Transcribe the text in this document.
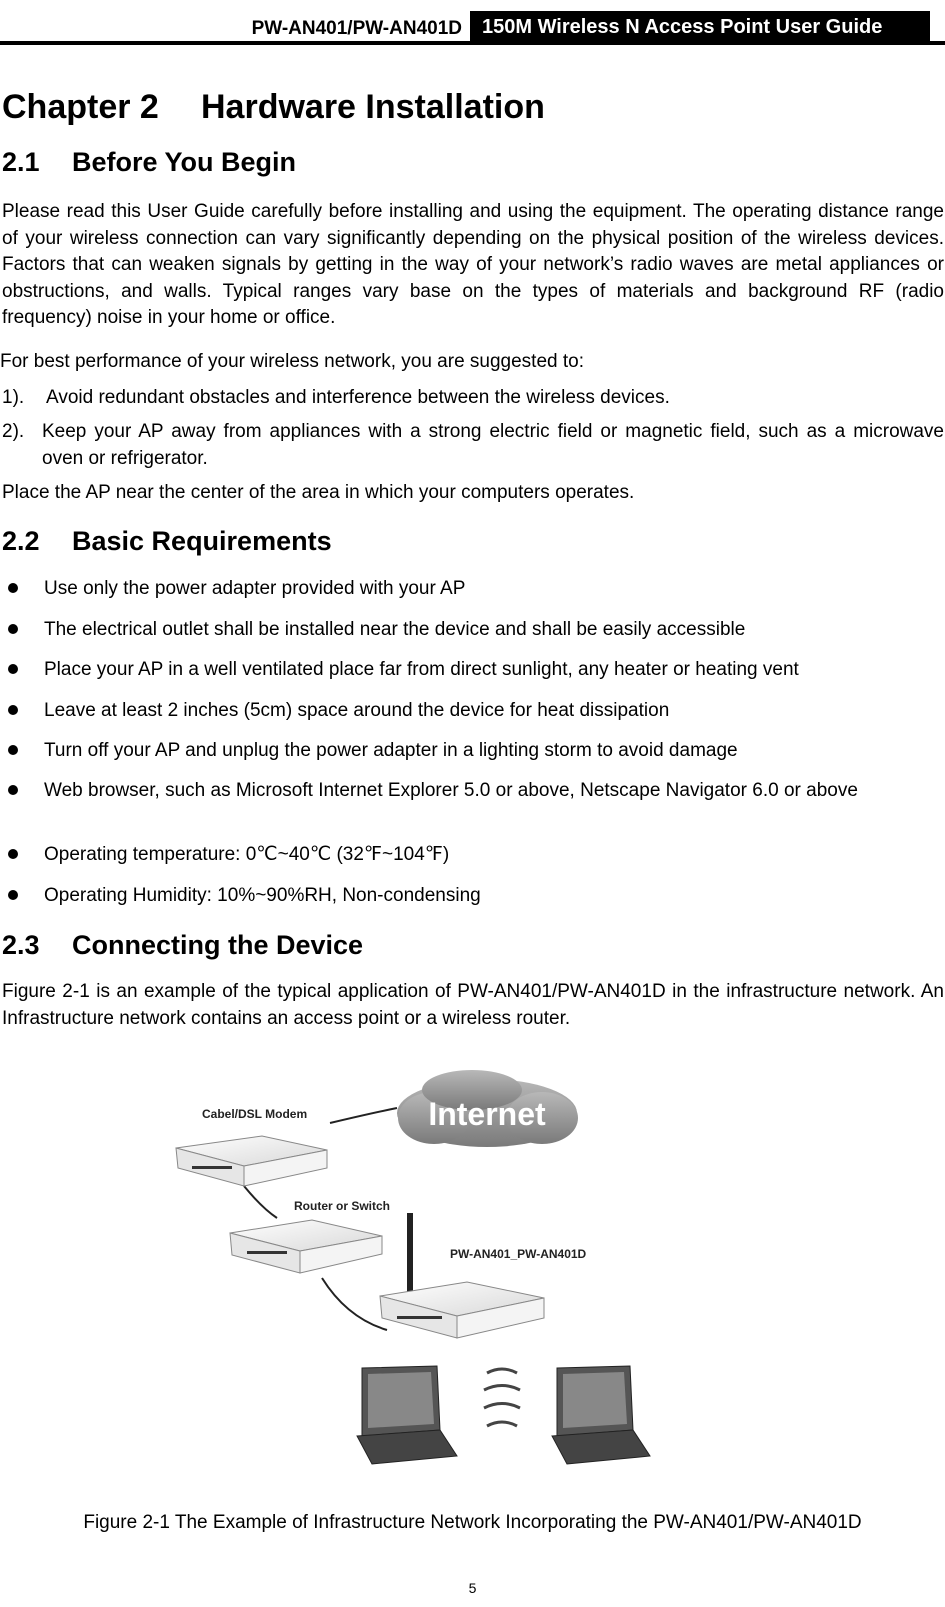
PW-AN401/PW-AN401D	150M Wireless N Access Point User Guide
Chapter 2 Hardware Installation
2.1 Before You Begin
Please read this User Guide carefully before installing and using the equipment. The operating distance range of your wireless connection can vary significantly depending on the physical position of the wireless devices. Factors that can weaken signals by getting in the way of your network’s radio waves are metal appliances or obstructions, and walls. Typical ranges vary base on the types of materials and background RF (radio frequency) noise in your home or office.
For best performance of your wireless network, you are suggested to:
1). Avoid redundant obstacles and interference between the wireless devices.
2). Keep your AP away from appliances with a strong electric field or magnetic field, such as a microwave oven or refrigerator.
Place the AP near the center of the area in which your computers operates.
2.2 Basic Requirements
Use only the power adapter provided with your AP
The electrical outlet shall be installed near the device and shall be easily accessible
Place your AP in a well ventilated place far from direct sunlight, any heater or heating vent
Leave at least 2 inches (5cm) space around the device for heat dissipation
Turn off your AP and unplug the power adapter in a lighting storm to avoid damage
Web browser, such as Microsoft Internet Explorer 5.0 or above, Netscape Navigator 6.0 or above
Operating temperature: 0℃~40℃ (32℉~104℉)
Operating Humidity: 10%~90%RH, Non-condensing
2.3 Connecting the Device
Figure 2-1 is an example of the typical application of PW-AN401/PW-AN401D in the infrastructure network. An Infrastructure network contains an access point or a wireless router.
Internet
Cabel/DSL Modem
Router or Switch
PW-AN401_PW-AN401D
Figure 2-1 The Example of Infrastructure Network Incorporating the PW-AN401/PW-AN401D
5
